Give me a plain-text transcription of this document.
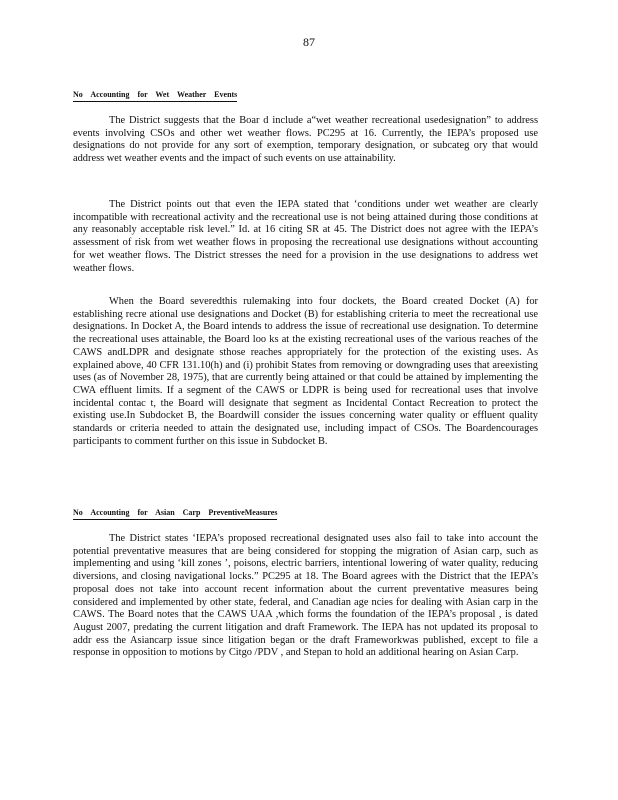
87
No Accounting for Wet Weather Events

The District suggests that the Boar d include a“wet weather recreational usedesignation” to address events involving CSOs and other wet weather flows. PC295 at 16. Currently, the IEPA’s proposed use designations do not provide for any sort of exemption, temporary designation, or subcateg ory that would address wet weather events and the impact of such events on use attainability.

The District points out that even the IEPA stated that ‘conditions under wet weather are clearly incompatible with recreational activity and the recreational use is not being attained during those conditions at any reasonably acceptable risk level.” Id. at 16 citing SR at 45. The District does not agree with the IEPA’s assessment of risk from wet weather flows in proposing the recreational use designations without accounting for wet weather flows. The District stresses the need for a provision in the use designations to address wet weather flows.

When the Board severedthis rulemaking into four dockets, the Board created Docket (A) for establishing recre ational use designations and Docket (B) for establishing criteria to meet the recreational use designations. In Docket A, the Board intends to address the issue of recreational use designation. To determine the recreational uses attainable, the Board loo ks at the existing recreational uses of the various reaches of the CAWS andLDPR and designate sthose reaches appropriately for the protection of the existing uses. As explained above, 40 CFR 131.10(h) and (i) prohibit States from removing or downgrading uses that areexisting uses (as of November 28, 1975), that are currently being attained or that could be attained by implementing the CWA effluent limits. If a segment of the CAWS or LDPR is being used for recreational uses that involve incidental contac t, the Board will designate that segment as Incidental Contact Recreation to protect the existing use.In Subdocket B, the Boardwill consider the issues concerning water quality or effluent quality standards or criteria needed to attain the designated use, including impact of CSOs. The Boardencourages participants to comment further on this issue in Subdocket B.

No Accounting for Asian Carp PreventiveMeasures

The District states ‘IEPA’s proposed recreational designated uses also fail to take into account the potential preventative measures that are being considered for stopping the migration of Asian carp, such as implementing and using ‘kill zones ’, poisons, electric barriers, intentional lowering of water quality, reducing diversions, and closing navigational locks.” PC295 at 18. The Board agrees with the District that the IEPA’s proposal does not take into account recent information about the current preventative measures being considered and implemented by other state, federal, and Canadian age ncies for dealing with Asian carp in the CAWS. The Board notes that the CAWS UAA ,which forms the foundation of the IEPA’s proposal , is dated August 2007, predating the current litigation and draft Framework. The IEPA has not updated its proposal to addr ess the Asiancarp issue since litigation began or the draft Frameworkwas published, except to file a response in opposition to motions by Citgo /PDV , and Stepan to hold an additional hearing on Asian Carp.
